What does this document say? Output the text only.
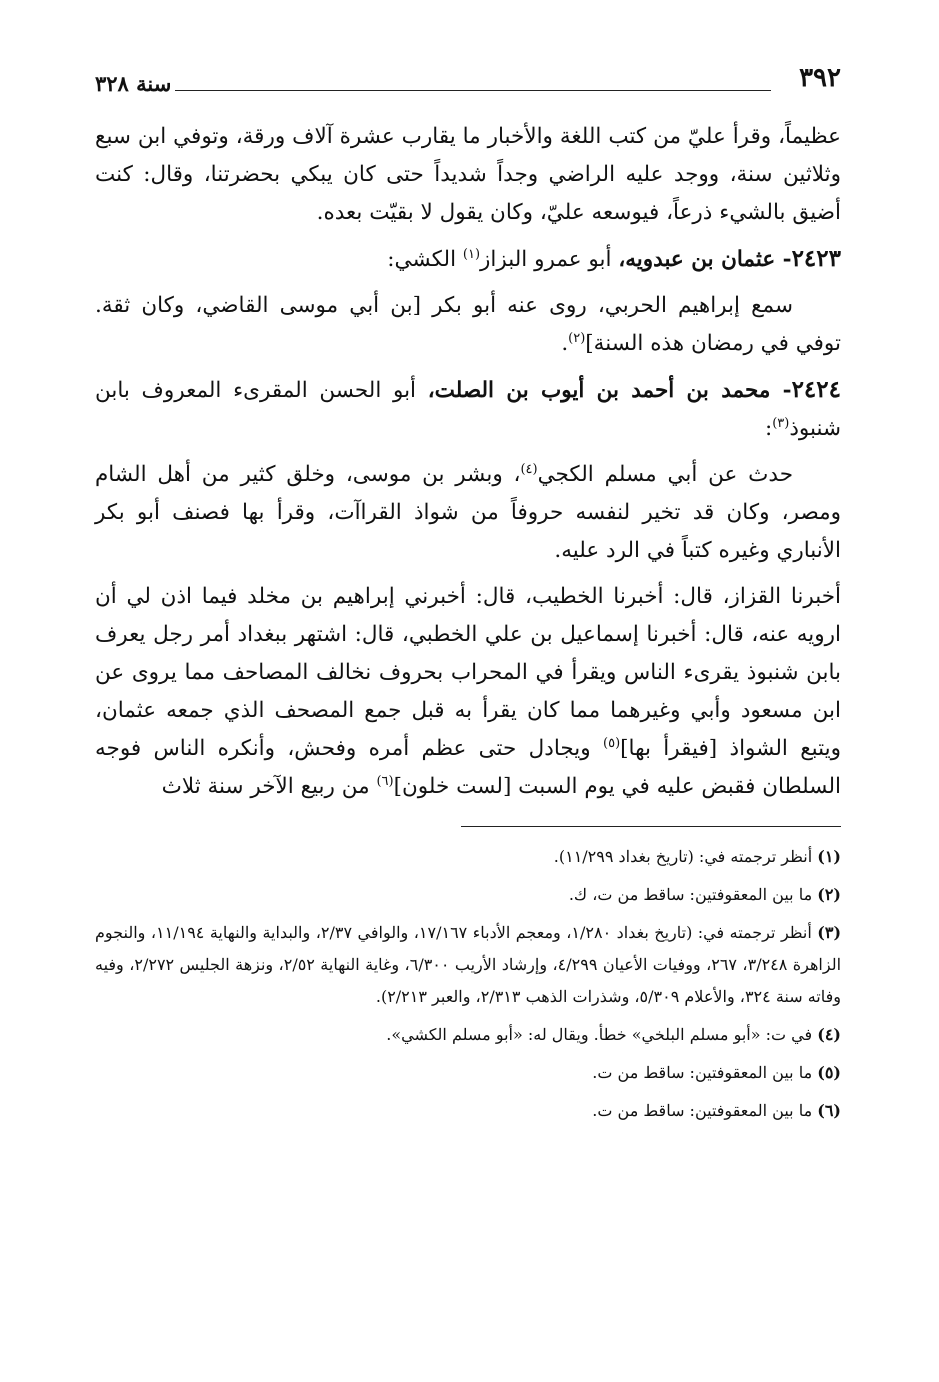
٣٩٢
سنة ٣٢٨

عظيماً، وقرأ عليّ من كتب اللغة والأخبار ما يقارب عشرة آلاف ورقة، وتوفي ابن سبع وثلاثين سنة، ووجد عليه الراضي وجداً شديداً حتى كان يبكي بحضرتنا، وقال: كنت أضيق بالشيء ذرعاً، فيوسعه عليّ، وكان يقول لا بقيّت بعده.

٢٤٢٣- عثمان بن عبدويه، أبو عمرو البزاز$^{(١)}$ الكشي:

سمع إبراهيم الحربي، روى عنه أبو بكر [بن أبي موسى القاضي، وكان ثقة. توفي في رمضان هذه السنة]$^{(٢)}$.

٢٤٢٤- محمد بن أحمد بن أيوب بن الصلت، أبو الحسن المقرىء المعروف بابن شنبوذ$^{(٣)}$:

حدث عن أبي مسلم الكجي$^{(٤)}$، وبشر بن موسى، وخلق كثير من أهل الشام ومصر، وكان قد تخير لنفسه حروفاً من شواذ القراآت، وقرأ بها فصنف أبو بكر الأنباري وغيره كتباً في الرد عليه.

أخبرنا القزاز، قال: أخبرنا الخطيب، قال: أخبرني إبراهيم بن مخلد فيما اذن لي أن ارويه عنه، قال: أخبرنا إسماعيل بن علي الخطبي، قال: اشتهر ببغداد أمر رجل يعرف بابن شنبوذ يقرىء الناس ويقرأ في المحراب بحروف نخالف المصاحف مما يروى عن ابن مسعود وأبي وغيرهما مما كان يقرأ به قبل جمع المصحف الذي جمعه عثمان، ويتبع الشواذ [فيقرأ بها]$^{(٥)}$ ويجادل حتى عظم أمره وفحش، وأنكره الناس فوجه السلطان فقبض عليه في يوم السبت [لست خلون]$^{(٦)}$ من ربيع الآخر سنة ثلاث

(١) أنظر ترجمته في: (تاريخ بغداد ١١/٢٩٩).

(٢) ما بين المعقوفتين: ساقط من ت، ك.

(٣) أنظر ترجمته في: (تاريخ بغداد ١/٢٨٠، ومعجم الأدباء ١٧/١٦٧، والوافي ٢/٣٧، والبداية والنهاية ١١/١٩٤، والنجوم الزاهرة ٣/٢٤٨، ٢٦٧، ووفيات الأعيان ٤/٢٩٩، وإرشاد الأريب ٦/٣٠٠، وغاية النهاية ٢/٥٢، ونزهة الجليس ٢/٢٧٢، وفيه وفاته سنة ٣٢٤، والأعلام ٥/٣٠٩، وشذرات الذهب ٢/٣١٣، والعبر ٢/٢١٣).

(٤) في ت: «أبو مسلم البلخي» خطأ. ويقال له: «أبو مسلم الكشي».

(٥) ما بين المعقوفتين: ساقط من ت.

(٦) ما بين المعقوفتين: ساقط من ت.
